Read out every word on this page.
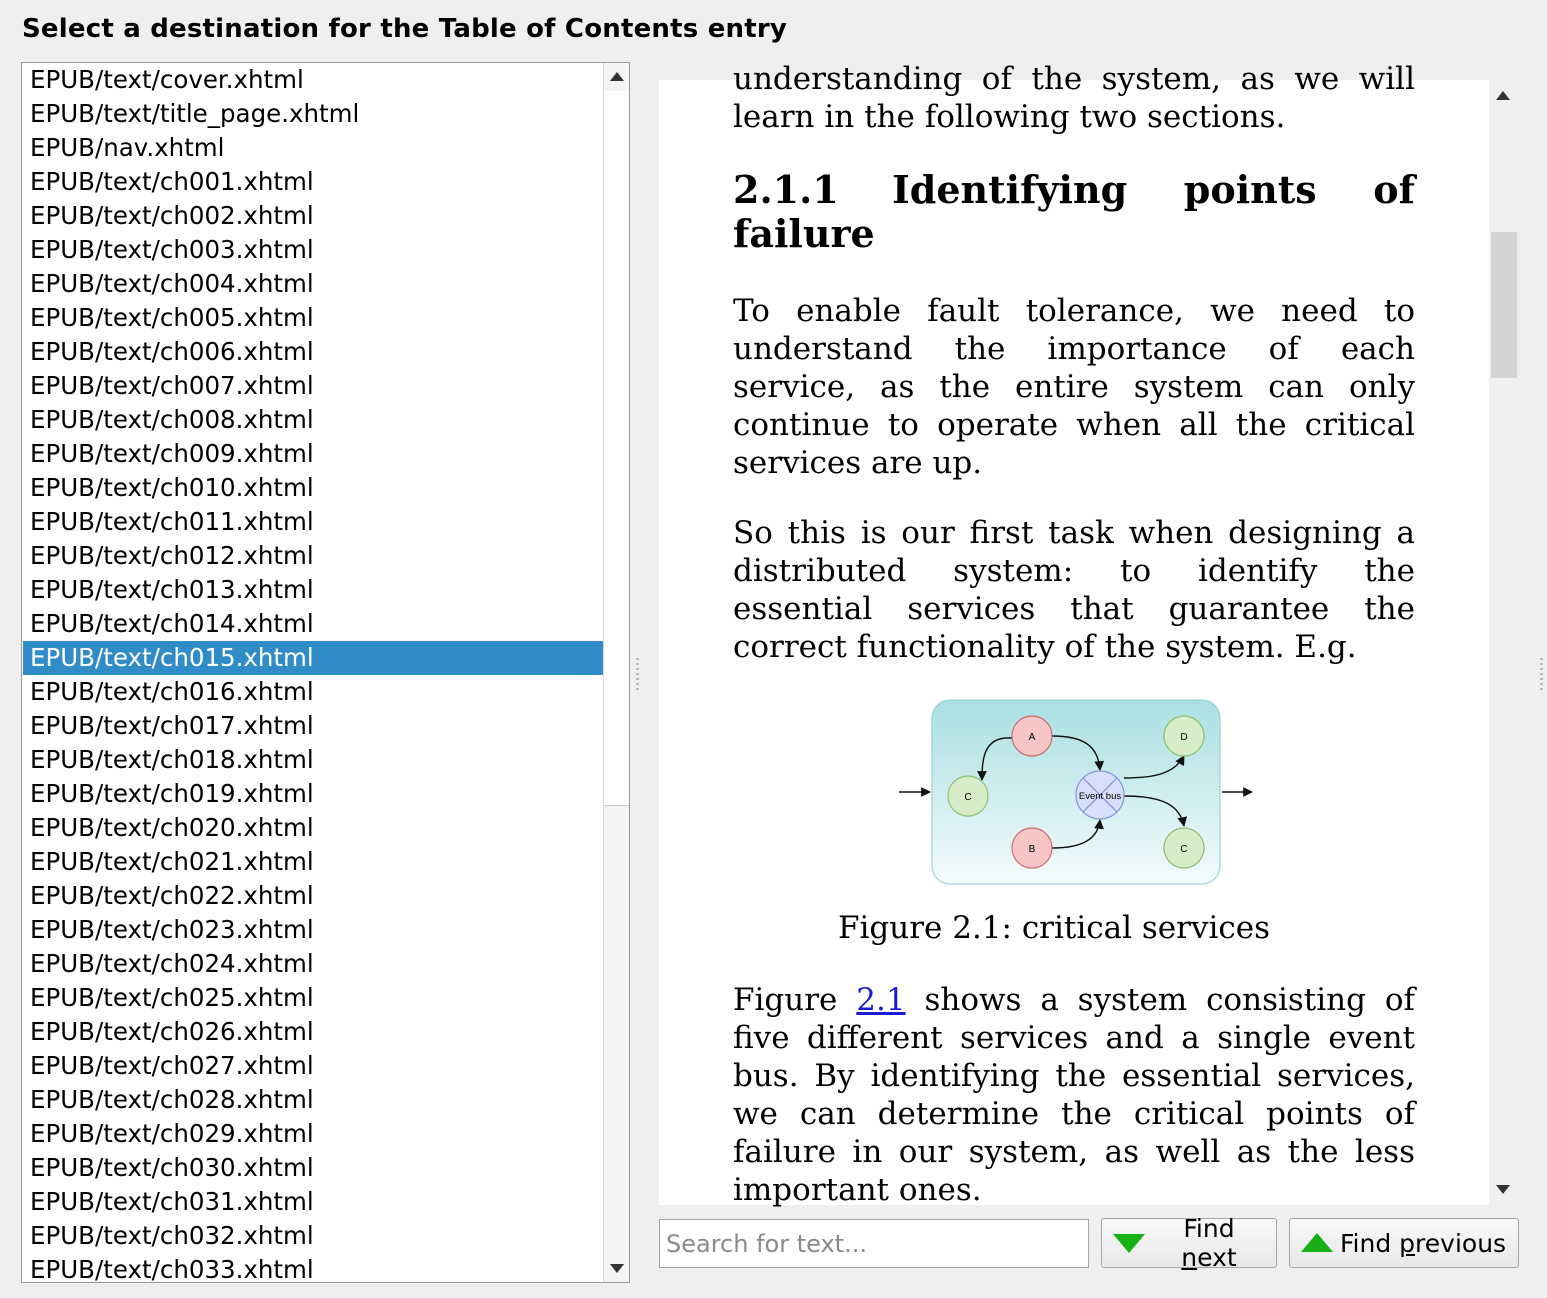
Select a destination for the Table of Contents entry
EPUB/text/cover.xhtml
EPUB/text/title_page.xhtml
EPUB/nav.xhtml
EPUB/text/ch001.xhtml
EPUB/text/ch002.xhtml
EPUB/text/ch003.xhtml
EPUB/text/ch004.xhtml
EPUB/text/ch005.xhtml
EPUB/text/ch006.xhtml
EPUB/text/ch007.xhtml
EPUB/text/ch008.xhtml
EPUB/text/ch009.xhtml
EPUB/text/ch010.xhtml
EPUB/text/ch011.xhtml
EPUB/text/ch012.xhtml
EPUB/text/ch013.xhtml
EPUB/text/ch014.xhtml
EPUB/text/ch015.xhtml
EPUB/text/ch016.xhtml
EPUB/text/ch017.xhtml
EPUB/text/ch018.xhtml
EPUB/text/ch019.xhtml
EPUB/text/ch020.xhtml
EPUB/text/ch021.xhtml
EPUB/text/ch022.xhtml
EPUB/text/ch023.xhtml
EPUB/text/ch024.xhtml
EPUB/text/ch025.xhtml
EPUB/text/ch026.xhtml
EPUB/text/ch027.xhtml
EPUB/text/ch028.xhtml
EPUB/text/ch029.xhtml
EPUB/text/ch030.xhtml
EPUB/text/ch031.xhtml
EPUB/text/ch032.xhtml
EPUB/text/ch033.xhtml

understanding of the system, as we will learn in the following two sections.

2.1.1 Identifying points of failure

To enable fault tolerance, we need to understand the importance of each service, as the entire system can only continue to operate when all the critical services are up.

So this is our first task when designing a distributed system: to identify the essential services that guarantee the correct functionality of the system. E.g.

A
B
C
D
C
Event bus
Figure 2.1: critical services

Figure 2.1 shows a system consisting of five different services and a single event bus. By identifying the essential services, we can determine the critical points of failure in our system, as well as the less important ones.

Search for text...
Find next	Find previous
